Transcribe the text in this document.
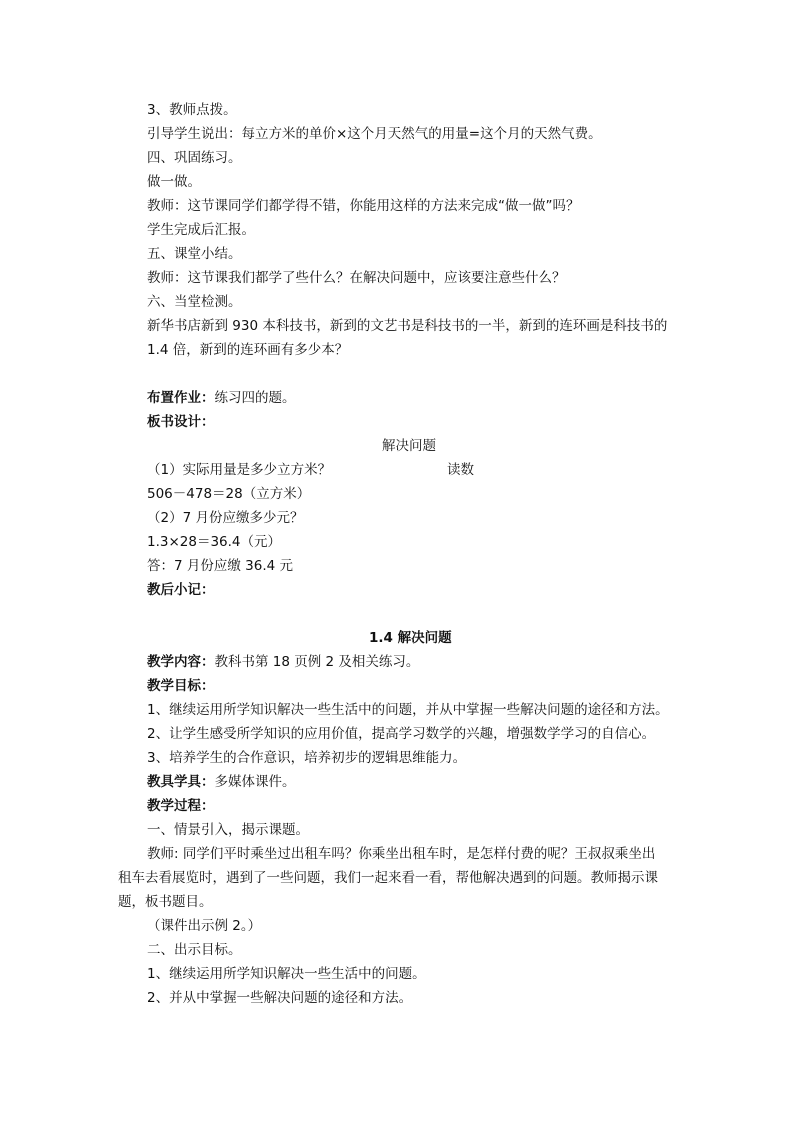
3、教师点拨。
引导学生说出：每立方米的单价×这个月天然气的用量=这个月的天然气费。
四、巩固练习。
做一做。
教师：这节课同学们都学得不错，你能用这样的方法来完成“做一做”吗？
学生完成后汇报。
五、课堂小结。
教师：这节课我们都学了些什么？在解决问题中，应该要注意些什么？
六、当堂检测。
新华书店新到 930 本科技书，新到的文艺书是科技书的一半，新到的连环画是科技书的
1.4 倍，新到的连环画有多少本？
布置作业：练习四的题。
板书设计：
解决问题
（1）实际用量是多少立方米？	读数
506－478＝28（立方米）
（2）7 月份应缴多少元？
1.3×28＝36.4（元）
答：7 月份应缴 36.4 元
教后小记：
1.4 解决问题
教学内容：教科书第 18 页例 2 及相关练习。
教学目标：
1、继续运用所学知识解决一些生活中的问题，并从中掌握一些解决问题的途径和方法。
2、让学生感受所学知识的应用价值，提高学习数学的兴趣，增强数学学习的自信心。
3、培养学生的合作意识，培养初步的逻辑思维能力。
教具学具：多媒体课件。
教学过程：
一、情景引入，揭示课题。
教师: 同学们平时乘坐过出租车吗？你乘坐出租车时，是怎样付费的呢？王叔叔乘坐出
租车去看展览时，遇到了一些问题，我们一起来看一看，帮他解决遇到的问题。教师揭示课
题，板书题目。
（课件出示例 2。）
二、出示目标。
1、继续运用所学知识解决一些生活中的问题。
2、并从中掌握一些解决问题的途径和方法。
